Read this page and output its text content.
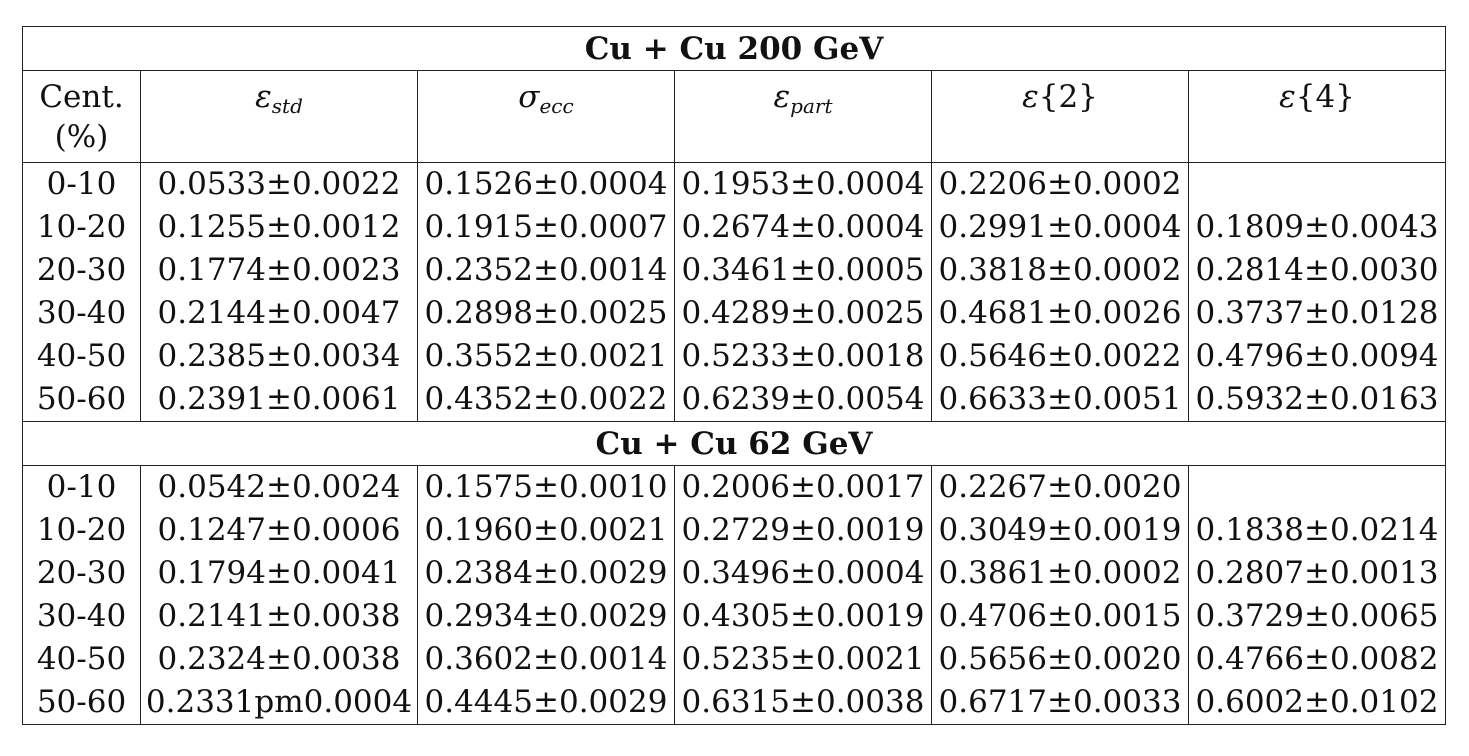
Cu + Cu 200 GeV					
Cent.
(%)	$\varepsilon_{std}$	$\sigma_{ecc}$	$\varepsilon_{part}$	ε{2}	ε{4}
0-10	0.0533±0.0022	0.1526±0.0004	0.1953±0.0004	0.2206±0.0002	
10-20	0.1255±0.0012	0.1915±0.0007	0.2674±0.0004	0.2991±0.0004	0.1809±0.0043
20-30	0.1774±0.0023	0.2352±0.0014	0.3461±0.0005	0.3818±0.0002	0.2814±0.0030
30-40	0.2144±0.0047	0.2898±0.0025	0.4289±0.0025	0.4681±0.0026	0.3737±0.0128
40-50	0.2385±0.0034	0.3552±0.0021	0.5233±0.0018	0.5646±0.0022	0.4796±0.0094
50-60	0.2391±0.0061	0.4352±0.0022	0.6239±0.0054	0.6633±0.0051	0.5932±0.0163
Cu + Cu 62 GeV					
0-10	0.0542±0.0024	0.1575±0.0010	0.2006±0.0017	0.2267±0.0020	
10-20	0.1247±0.0006	0.1960±0.0021	0.2729±0.0019	0.3049±0.0019	0.1838±0.0214
20-30	0.1794±0.0041	0.2384±0.0029	0.3496±0.0004	0.3861±0.0002	0.2807±0.0013
30-40	0.2141±0.0038	0.2934±0.0029	0.4305±0.0019	0.4706±0.0015	0.3729±0.0065
40-50	0.2324±0.0038	0.3602±0.0014	0.5235±0.0021	0.5656±0.0020	0.4766±0.0082
50-60	0.2331pm0.0004	0.4445±0.0029	0.6315±0.0038	0.6717±0.0033	0.6002±0.0102
